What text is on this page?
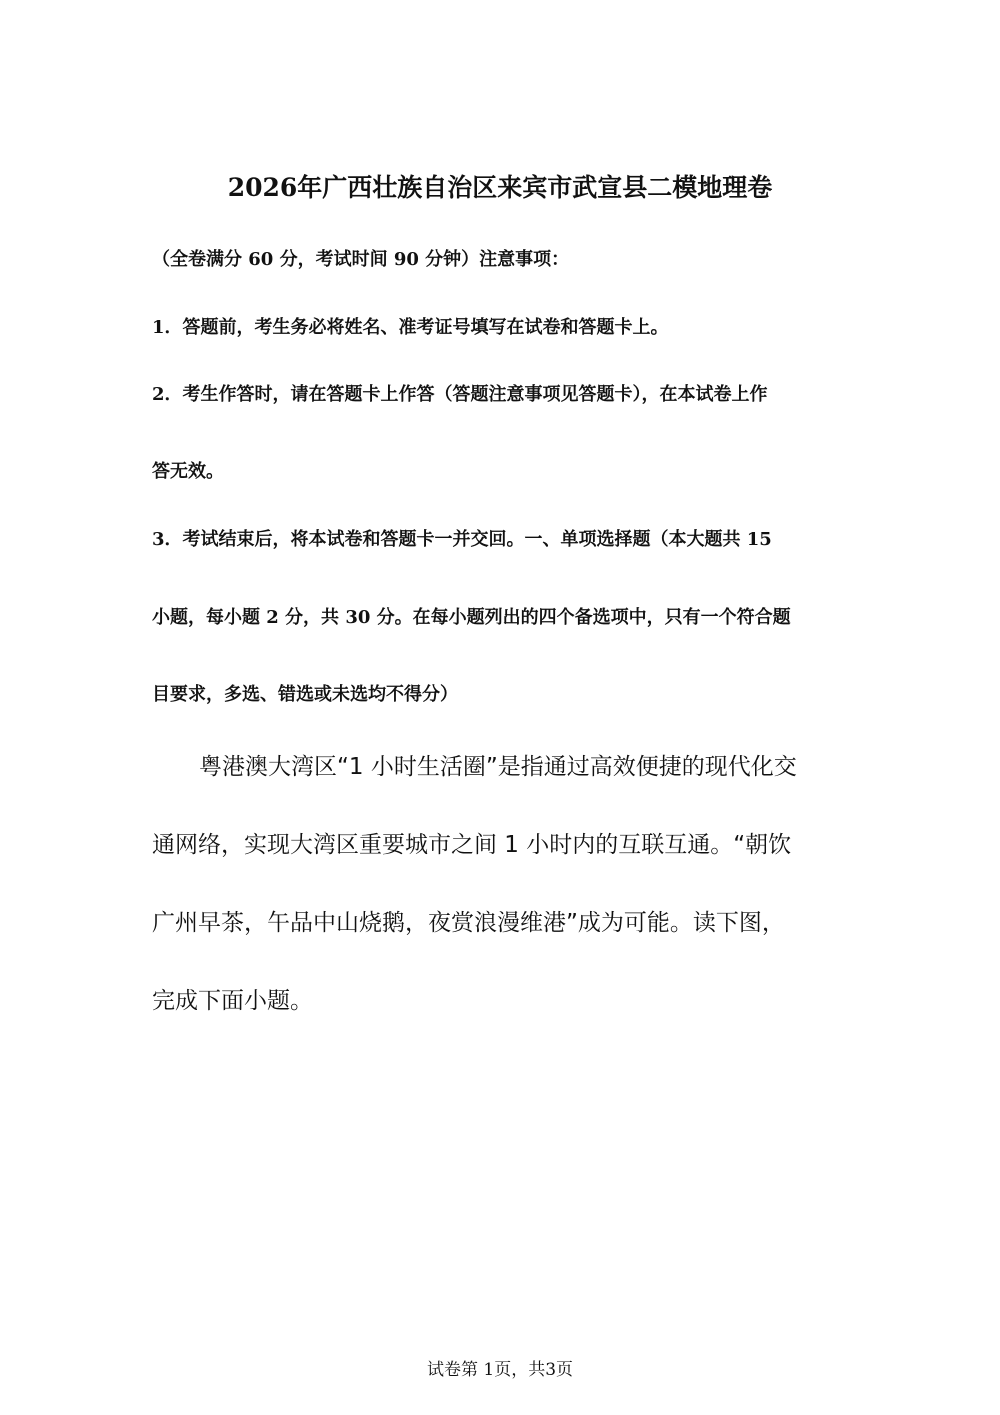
2026年广西壮族自治区来宾市武宣县二模地理卷
（全卷满分 60 分，考试时间 90 分钟）注意事项：
1．答题前，考生务必将姓名、准考证号填写在试卷和答题卡上。
2．考生作答时，请在答题卡上作答（答题注意事项见答题卡），在本试卷上作
答无效。
3．考试结束后，将本试卷和答题卡一并交回。一、单项选择题（本大题共 15
小题，每小题 2 分，共 30 分。在每小题列出的四个备选项中，只有一个符合题
目要求，多选、错选或未选均不得分）
粤港澳大湾区“1 小时生活圈”是指通过高效便捷的现代化交
通网络，实现大湾区重要城市之间 1 小时内的互联互通。“朝饮
广州早茶，午品中山烧鹅，夜赏浪漫维港”成为可能。读下图，
完成下面小题。
试卷第 1页，共3页
